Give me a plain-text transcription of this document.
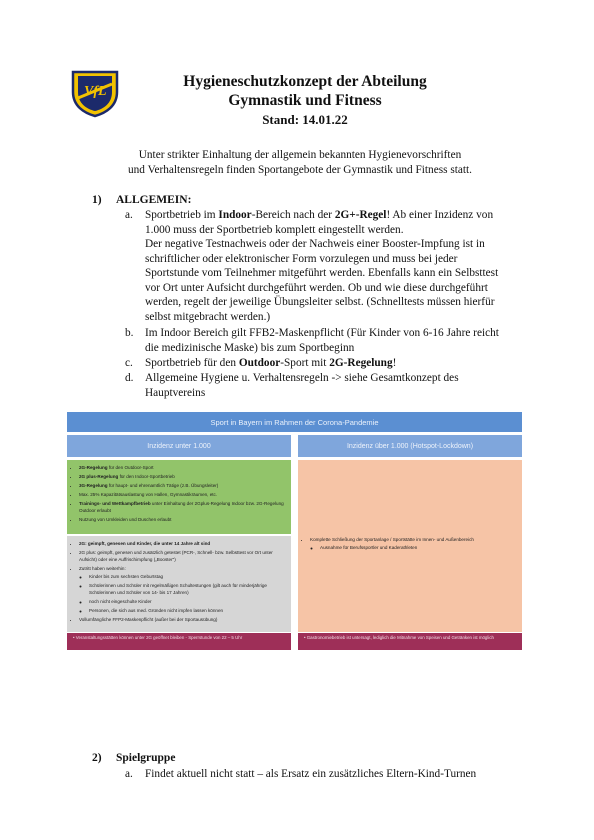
VfL
Hygieneschutzkonzept der Abteilung
Gymnastik und Fitness
Stand: 14.01.22
Unter strikter Einhaltung der allgemein bekannten Hygienevorschriften
und Verhaltensregeln finden Sportangebote der Gymnastik und Fitness statt.
1) ALLGEMEIN:
a. Sportbetrieb im Indoor-Bereich nach der 2G+-Regel! Ab einer Inzidenz von
1.000 muss der Sportbetrieb komplett eingestellt werden.
Der negative Testnachweis oder der Nachweis einer Booster-Impfung ist in
schriftlicher oder elektronischer Form vorzulegen und muss bei jeder
Sportstunde vom Teilnehmer mitgeführt werden. Ebenfalls kann ein Selbsttest
vor Ort unter Aufsicht durchgeführt werden. Ob und wie diese durchgeführt
werden, regelt der jeweilige Übungsleiter selbst. (Schnelltests müssen hierfür
selbst mitgebracht werden.)
b. Im Indoor Bereich gilt FFB2-Maskenpflicht (Für Kinder von 6-16 Jahre reicht
die medizinische Maske) bis zum Sportbeginn
c. Sportbetrieb für den Outdoor-Sport mit 2G-Regelung!
d. Allgemeine Hygiene u. Verhaltensregeln -> siehe Gesamtkonzept des
Hauptvereins
Sport in Bayern im Rahmen der Corona-Pandemie
Inzidenz unter 1.000	Inzidenz über 1.000 (Hotspot-Lockdown)
• 2G-Regelung für den Outdoor-Sport
• 2G plus-Regelung für den Indoor-Sportbetrieb
• 3G-Regelung für haupt- und ehrenamtlich Tätige (z.B. Übungsleiter)
• Max. 25% Kapazitätsauslastung von Hallen, Gymnastikräumen, etc.
• Trainings- und Wettkampfbetrieb unter Einhaltung der 2Gplus-Regelung Indoor bzw. 2G-Regelung Outdoor erlaubt
• Nutzung von Umkleiden und Duschen erlaubt
• 2G: geimpft, genesen und Kinder, die unter 14 Jahre alt sind
• 2G plus: geimpft, genesen und zusätzlich getestet (PCR-, Schnell- bzw. Selbsttest vor Ort unter Aufsicht) oder eine Auffrischimpfung („Booster")
• Zutritt haben weiterhin:
◦ Kinder bis zum sechsten Geburtstag
◦ Schülerinnen und Schüler mit regelmäßigen Schultestungen (gilt auch für minderjährige Schülerinnen und Schüler von 14- bis 17 Jahren)
◦ noch nicht eingeschulte Kinder
◦ Personen, die sich aus med. Gründen nicht impfen lassen können
• Vollumfängliche FFP2-Maskenpflicht (außer bei der Sportausübung)
• Komplette Schließung der Sportanlage / Sportstätte im Innen- und Außenbereich
◦ Ausnahme für Berufssportler und Kaderathleten
• Veranstaltungsstätten können unter 2G geöffnet bleiben - Sperrstunde von 22 – 5 Uhr	• Gastronomiebetrieb ist untersagt, lediglich die Mitnahme von Speisen und Getränken ist möglich
2) Spielgruppe
a. Findet aktuell nicht statt – als Ersatz ein zusätzliches Eltern-Kind-Turnen
